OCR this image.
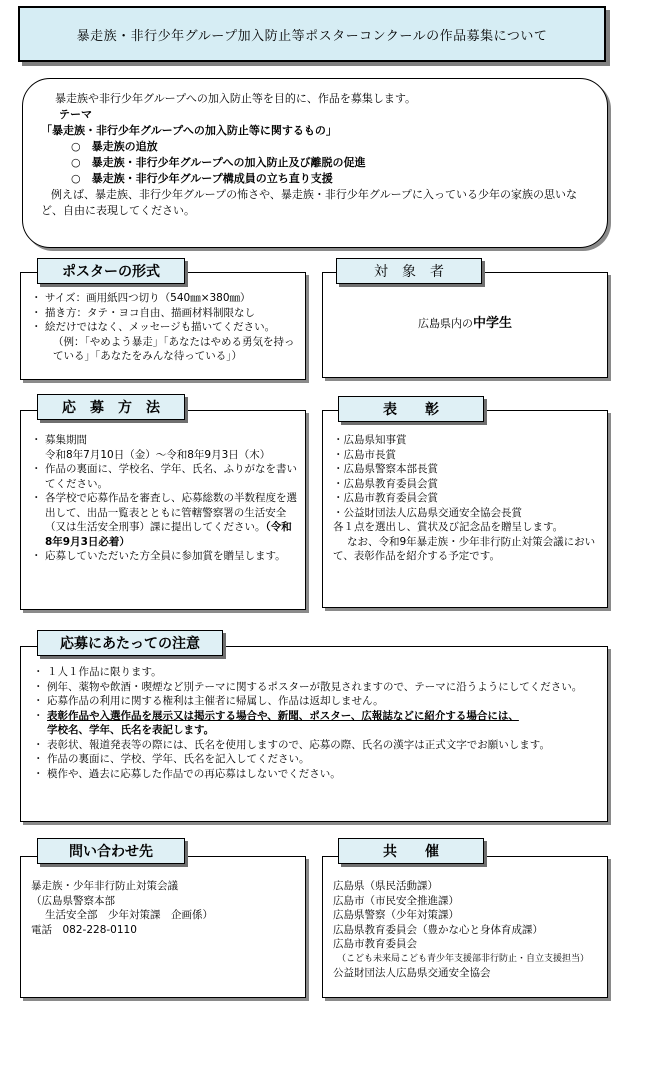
暴走族・非行少年グループ加入防止等ポスターコンクールの作品募集について
暴走族や非行少年グループへの加入防止等を目的に、作品を募集します。
テーマ
「暴走族・非行少年グループへの加入防止等に関するもの」
○　暴走族の追放
○　暴走族・非行少年グループへの加入防止及び離脱の促進
○　暴走族・非行少年グループ構成員の立ち直り支援
例えば、暴走族、非行少年グループの怖さや、暴走族・非行少年グループに入っている少年の家族の思いなど、自由に表現してください。
・ サイズ：画用紙四つ切り（540㎜×380㎜）
・ 描き方：タテ・ヨコ自由、描画材料制限なし
・ 絵だけではなく、メッセージも描いてください。
（例：「やめよう暴走」「あなたはやめる勇気を持っている」「あなたをみんな待っている」）
ポスターの形式
広島県内の中学生
対　象　者
・ 募集期間
令和8年7月10日（金）～令和8年9月3日（木）
・ 作品の裏面に、学校名、学年、氏名、ふりがなを書いてください。
・ 各学校で応募作品を審査し、応募総数の半数程度を選出して、出品一覧表とともに管轄警察署の生活安全（又は生活安全刑事）課に提出してください。（令和8年9月3日必着）
・ 応募していただいた方全員に参加賞を贈呈します。
応　募　方　法
・広島県知事賞
・広島市長賞
・広島県警察本部長賞
・広島県教育委員会賞
・広島市教育委員会賞
・公益財団法人広島県交通安全協会長賞
各１点を選出し、賞状及び記念品を贈呈します。
なお、令和9年暴走族・少年非行防止対策会議において、表彰作品を紹介する予定です。
表　　彰
・ １人１作品に限ります。
・ 例年、薬物や飲酒・喫煙など別テーマに関するポスターが散見されますので、テーマに沿うようにしてください。
・ 応募作品の利用に関する権利は主催者に帰属し、作品は返却しません。
・ 表彰作品や入選作品を展示又は掲示する場合や、新聞、ポスター、広報誌などに紹介する場合には、
学校名、学年、氏名を表記します。
・ 表彰状、報道発表等の際には、氏名を使用しますので、応募の際、氏名の漢字は正式文字でお願いします。
・ 作品の裏面に、学校、学年、氏名を記入してください。
・ 模作や、過去に応募した作品での再応募はしないでください。
応募にあたっての注意
暴走族・少年非行防止対策会議
（広島県警察本部
生活安全部　少年対策課　企画係）
電話　082-228-0110
問い合わせ先
広島県（県民活動課）
広島市（市民安全推進課）
広島県警察（少年対策課）
広島県教育委員会（豊かな心と身体育成課）
広島市教育委員会
（こども未来局こども青少年支援部非行防止・自立支援担当）
公益財団法人広島県交通安全協会
共　　催
